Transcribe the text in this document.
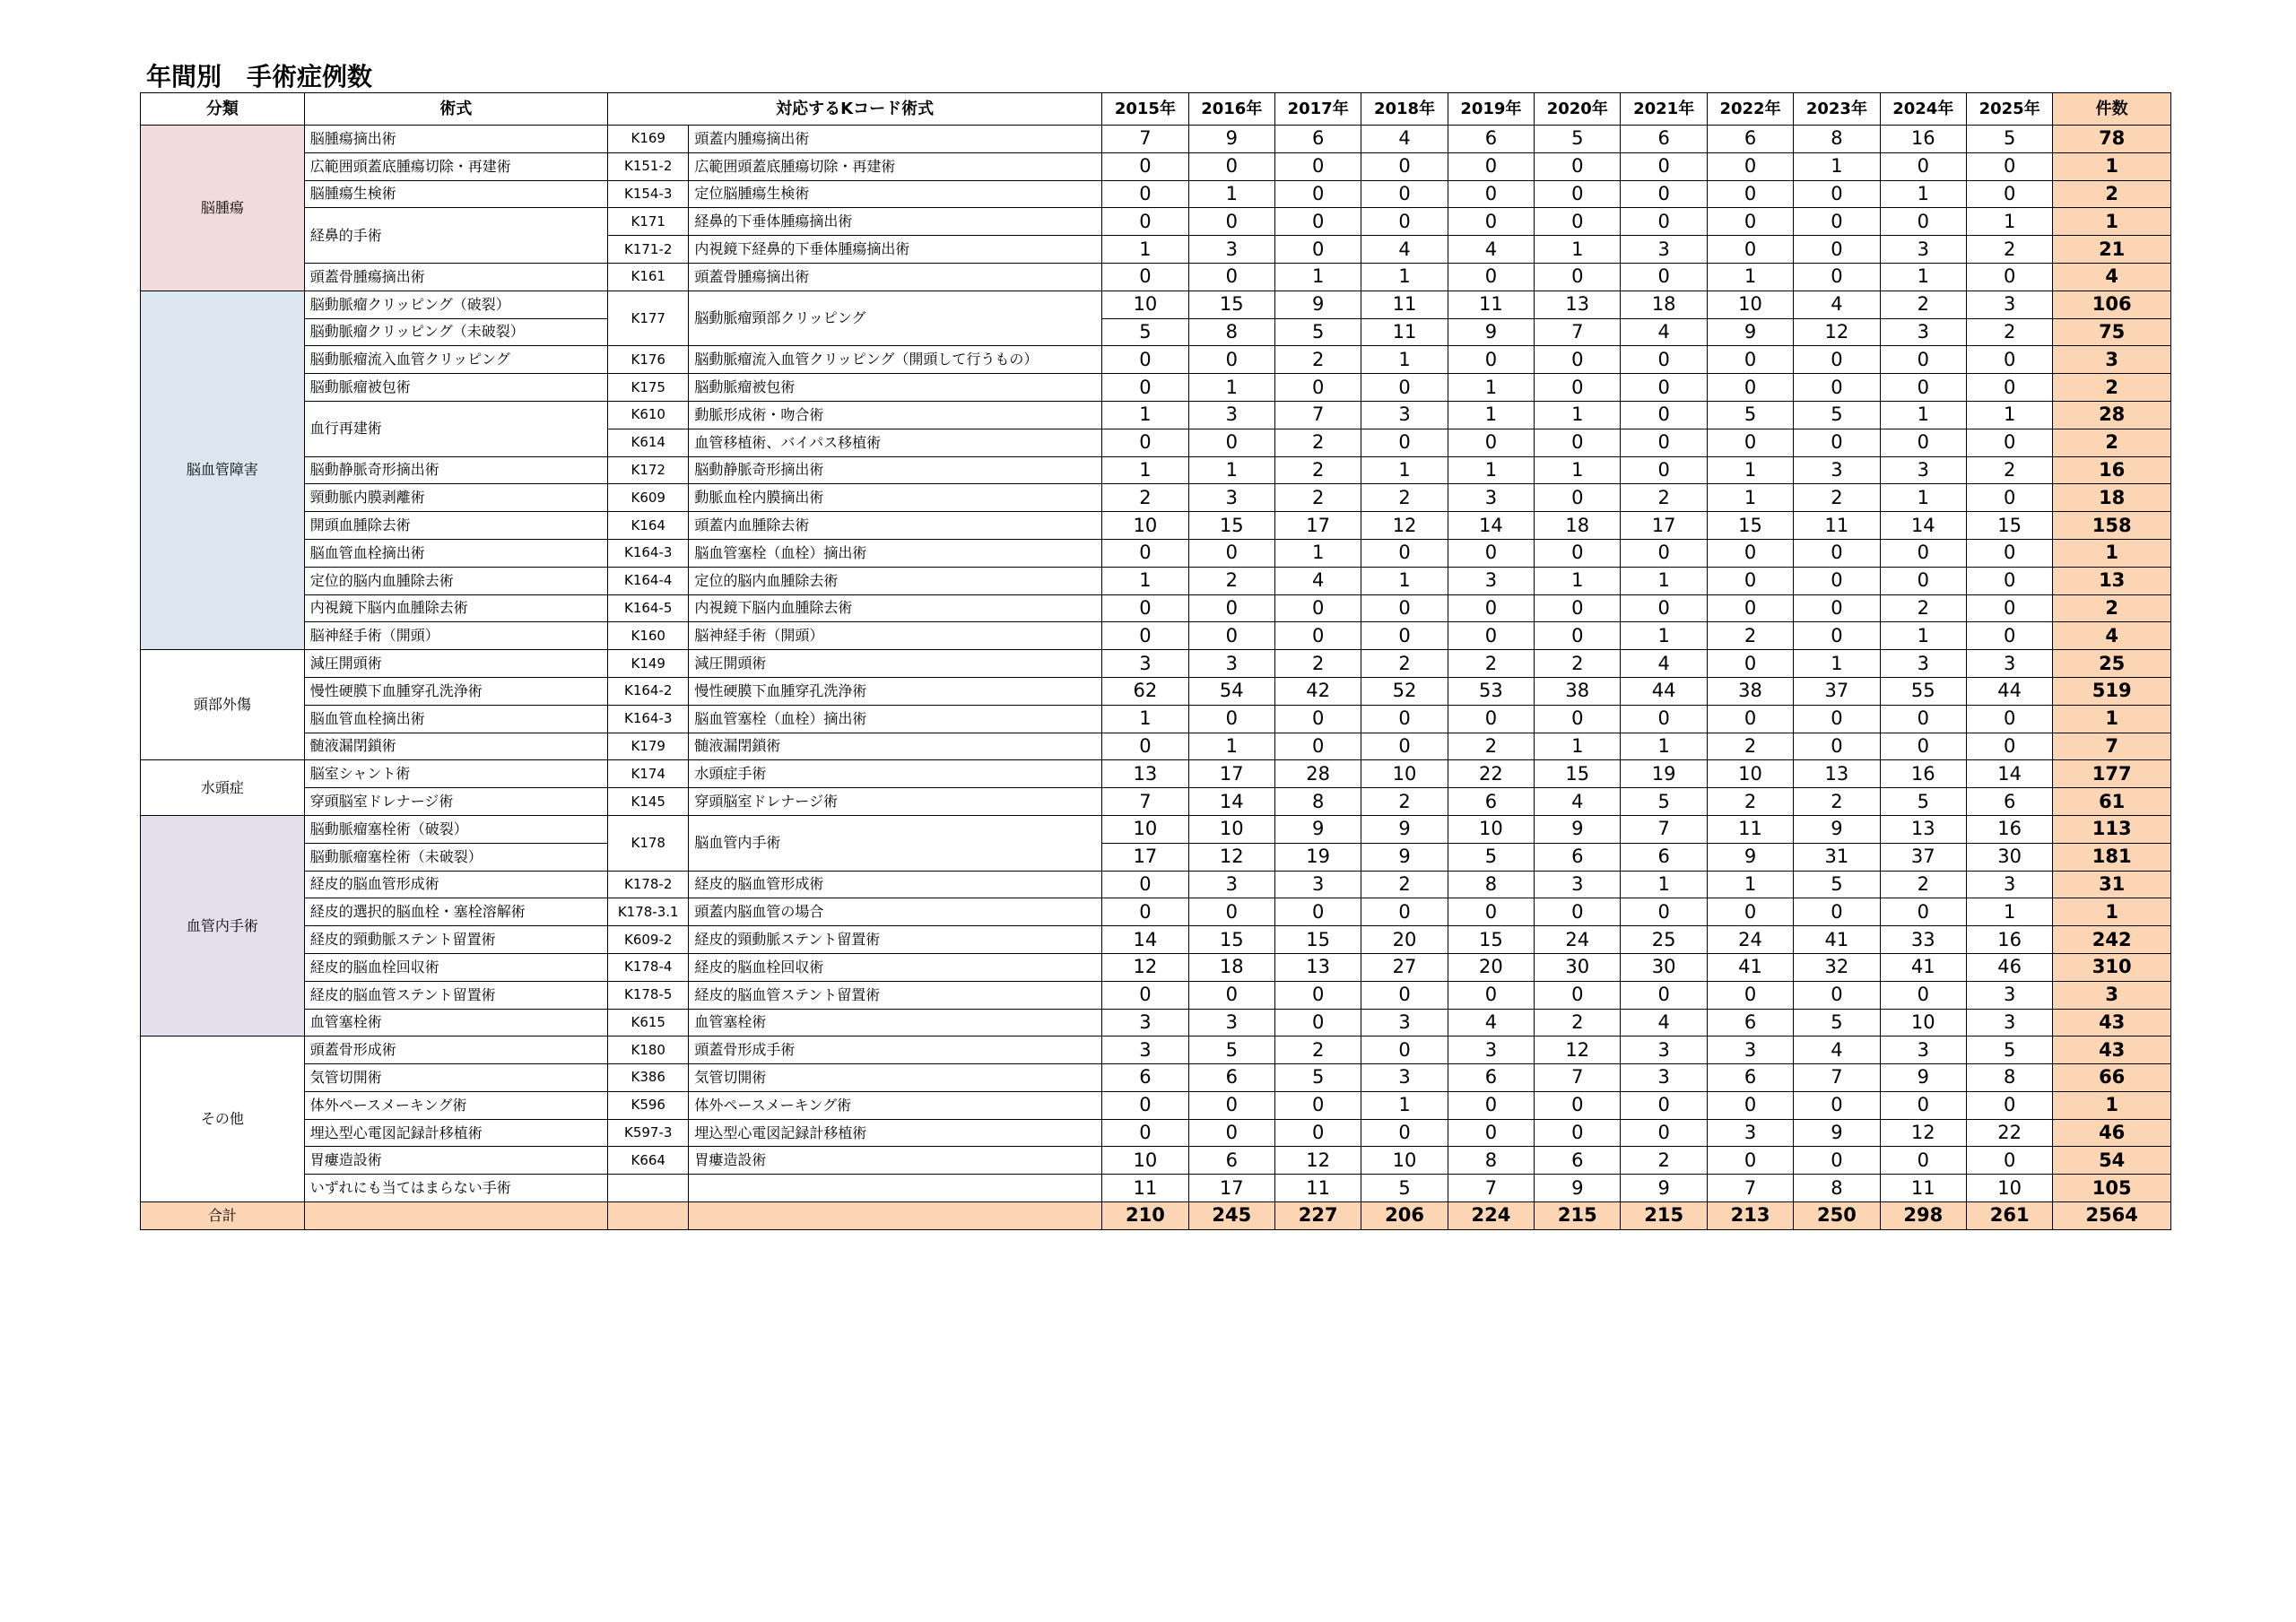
年間別　手術症例数
分類	術式	対応するKコード術式		2015年	2016年	2017年	2018年	2019年	2020年	2021年	2022年	2023年	2024年	2025年	件数
脳腫瘍	脳腫瘍摘出術	K169	頭蓋内腫瘍摘出術	7	9	6	4	6	5	6	6	8	16	5	78
	広範囲頭蓋底腫瘍切除・再建術	K151-2	広範囲頭蓋底腫瘍切除・再建術	0	0	0	0	0	0	0	0	1	0	0	1
	脳腫瘍生検術	K154-3	定位脳腫瘍生検術	0	1	0	0	0	0	0	0	0	1	0	2
	経鼻的手術	K171	経鼻的下垂体腫瘍摘出術	0	0	0	0	0	0	0	0	0	0	1	1
		K171-2	内視鏡下経鼻的下垂体腫瘍摘出術	1	3	0	4	4	1	3	0	0	3	2	21
	頭蓋骨腫瘍摘出術	K161	頭蓋骨腫瘍摘出術	0	0	1	1	0	0	0	1	0	1	0	4
脳血管障害	脳動脈瘤クリッピング（破裂）	K177	脳動脈瘤頸部クリッピング	10	15	9	11	11	13	18	10	4	2	3	106
	脳動脈瘤クリッピング（未破裂）			5	8	5	11	9	7	4	9	12	3	2	75
	脳動脈瘤流入血管クリッピング	K176	脳動脈瘤流入血管クリッピング（開頭して行うもの）	0	0	2	1	0	0	0	0	0	0	0	3
	脳動脈瘤被包術	K175	脳動脈瘤被包術	0	1	0	0	1	0	0	0	0	0	0	2
	血行再建術	K610	動脈形成術・吻合術	1	3	7	3	1	1	0	5	5	1	1	28
		K614	血管移植術、バイパス移植術	0	0	2	0	0	0	0	0	0	0	0	2
	脳動静脈奇形摘出術	K172	脳動静脈奇形摘出術	1	1	2	1	1	1	0	1	3	3	2	16
	頸動脈内膜剥離術	K609	動脈血栓内膜摘出術	2	3	2	2	3	0	2	1	2	1	0	18
	開頭血腫除去術	K164	頭蓋内血腫除去術	10	15	17	12	14	18	17	15	11	14	15	158
	脳血管血栓摘出術	K164-3	脳血管塞栓（血栓）摘出術	0	0	1	0	0	0	0	0	0	0	0	1
	定位的脳内血腫除去術	K164-4	定位的脳内血腫除去術	1	2	4	1	3	1	1	0	0	0	0	13
	内視鏡下脳内血腫除去術	K164-5	内視鏡下脳内血腫除去術	0	0	0	0	0	0	0	0	0	2	0	2
	脳神経手術（開頭）	K160	脳神経手術（開頭）	0	0	0	0	0	0	1	2	0	1	0	4
頭部外傷	減圧開頭術	K149	減圧開頭術	3	3	2	2	2	2	4	0	1	3	3	25
	慢性硬膜下血腫穿孔洗浄術	K164-2	慢性硬膜下血腫穿孔洗浄術	62	54	42	52	53	38	44	38	37	55	44	519
	脳血管血栓摘出術	K164-3	脳血管塞栓（血栓）摘出術	1	0	0	0	0	0	0	0	0	0	0	1
	髄液漏閉鎖術	K179	髄液漏閉鎖術	0	1	0	0	2	1	1	2	0	0	0	7
水頭症	脳室シャント術	K174	水頭症手術	13	17	28	10	22	15	19	10	13	16	14	177
	穿頭脳室ドレナージ術	K145	穿頭脳室ドレナージ術	7	14	8	2	6	4	5	2	2	5	6	61
血管内手術	脳動脈瘤塞栓術（破裂）	K178	脳血管内手術	10	10	9	9	10	9	7	11	9	13	16	113
	脳動脈瘤塞栓術（未破裂）			17	12	19	9	5	6	6	9	31	37	30	181
	経皮的脳血管形成術	K178-2	経皮的脳血管形成術	0	3	3	2	8	3	1	1	5	2	3	31
	経皮的選択的脳血栓・塞栓溶解術	K178-3.1	頭蓋内脳血管の場合	0	0	0	0	0	0	0	0	0	0	1	1
	経皮的頸動脈ステント留置術	K609-2	経皮的頸動脈ステント留置術	14	15	15	20	15	24	25	24	41	33	16	242
	経皮的脳血栓回収術	K178-4	経皮的脳血栓回収術	12	18	13	27	20	30	30	41	32	41	46	310
	経皮的脳血管ステント留置術	K178-5	経皮的脳血管ステント留置術	0	0	0	0	0	0	0	0	0	0	3	3
	血管塞栓術	K615	血管塞栓術	3	3	0	3	4	2	4	6	5	10	3	43
その他	頭蓋骨形成術	K180	頭蓋骨形成手術	3	5	2	0	3	12	3	3	4	3	5	43
	気管切開術	K386	気管切開術	6	6	5	3	6	7	3	6	7	9	8	66
	体外ペースメーキング術	K596	体外ペースメーキング術	0	0	0	1	0	0	0	0	0	0	0	1
	埋込型心電図記録計移植術	K597-3	埋込型心電図記録計移植術	0	0	0	0	0	0	0	3	9	12	22	46
	胃瘻造設術	K664	胃瘻造設術	10	6	12	10	8	6	2	0	0	0	0	54
	いずれにも当てはまらない手術			11	17	11	5	7	9	9	7	8	11	10	105
合計				210	245	227	206	224	215	215	213	250	298	261	2564
